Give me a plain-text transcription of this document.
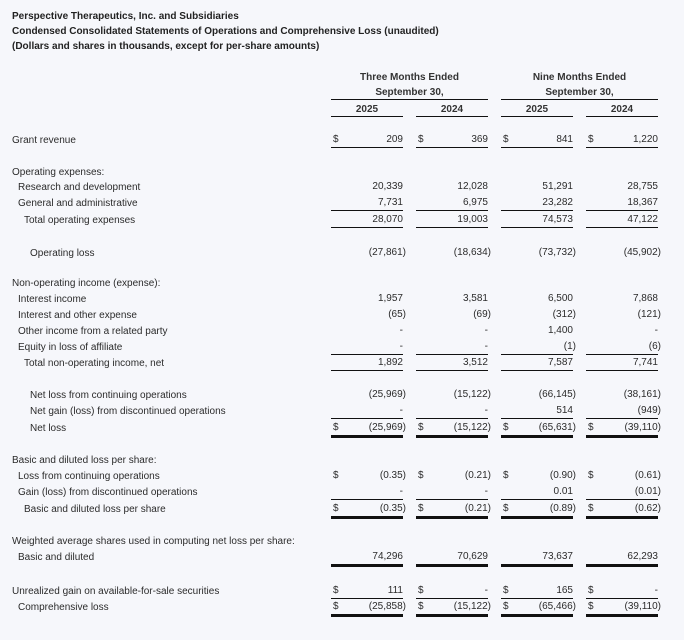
Perspective Therapeutics, Inc. and Subsidiaries
Condensed Consolidated Statements of Operations and Comprehensive Loss (unaudited)
(Dollars and shares in thousands, except for per-share amounts)
Three Months Ended
September 30,
Nine Months Ended
September 30,
2025	2024	2025	2024
Grant revenue	$	209 $	369 $	841 $	1,220
Operating expenses:
Research and development	20,339	12,028	51,291	28,755
General and administrative	7,731	6,975	23,282	18,367
Total operating expenses	28,070	19,003	74,573	47,122
Operating loss	(27,861)	(18,634)	(73,732)	(45,902)
Non-operating income (expense):
Interest income	1,957	3,581	6,500	7,868
Interest and other expense	(65)	(69)	(312)	(121)
Other income from a related party	-	-	1,400	-
Equity in loss of affiliate	-	-	(1)	(6)
Total non-operating income, net	1,892	3,512	7,587	7,741
Net loss from continuing operations	(25,969)	(15,122)	(66,145)	(38,161)
Net gain (loss) from discontinued operations	-	-	514	(949)
Net loss	$	(25,969) $	(15,122) $	(65,631) $	(39,110)
Basic and diluted loss per share:
Loss from continuing operations	$	(0.35) $	(0.21) $	(0.90) $	(0.61)
Gain (loss) from discontinued operations	-	-	0.01	(0.01)
Basic and diluted loss per share	$	(0.35) $	(0.21) $	(0.89) $	(0.62)
Weighted average shares used in computing net loss per share:
Basic and diluted	74,296	70,629	73,637	62,293
Unrealized gain on available-for-sale securities	$	111 $	- $	165 $	-
Comprehensive loss	$	(25,858) $	(15,122) $	(65,466) $	(39,110)
